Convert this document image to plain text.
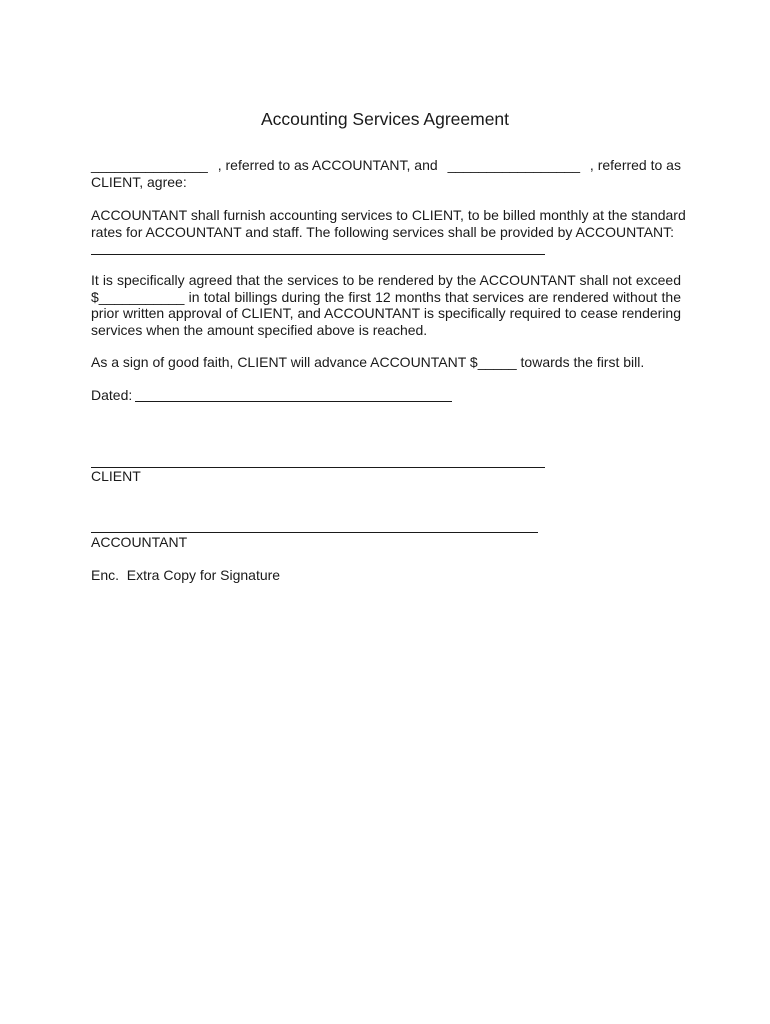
Accounting Services Agreement
_______________ , referred to as ACCOUNTANT, and _________________ , referred to as
CLIENT, agree:
ACCOUNTANT shall furnish accounting services to CLIENT, to be billed monthly at the standard
rates for ACCOUNTANT and staff. The following services shall be provided by ACCOUNTANT:
It is specifically agreed that the services to be rendered by the ACCOUNTANT shall not exceed
$___________ in total billings during the first 12 months that services are rendered without the
prior written approval of CLIENT, and ACCOUNTANT is specifically required to cease rendering
services when the amount specified above is reached.
As a sign of good faith, CLIENT will advance ACCOUNTANT $_____ towards the first bill.
Dated:
CLIENT
ACCOUNTANT
Enc.  Extra Copy for Signature
